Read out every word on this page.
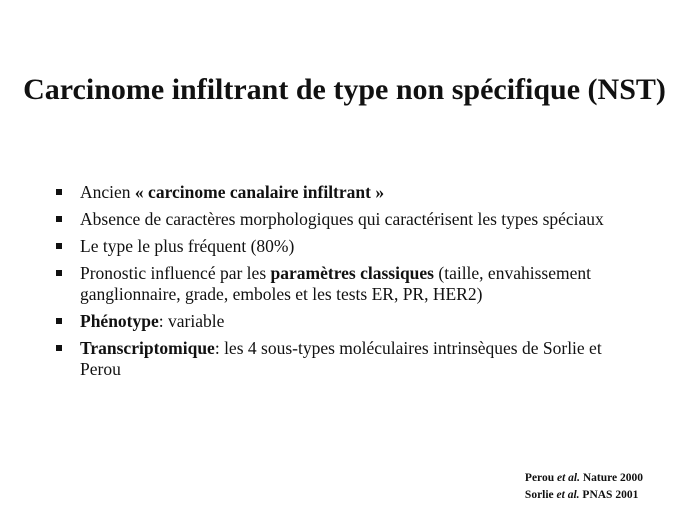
Carcinome infiltrant de type non spécifique (NST)
Ancien « carcinome canalaire infiltrant »
Absence de caractères morphologiques qui caractérisent les types spéciaux
Le type le plus fréquent (80%)
Pronostic influencé par les paramètres classiques (taille, envahissement ganglionnaire, grade, emboles et les tests ER, PR, HER2)
Phénotype: variable
Transcriptomique: les 4 sous-types moléculaires intrinsèques de Sorlie et Perou
Perou et al. Nature 2000
Sorlie et al. PNAS 2001
